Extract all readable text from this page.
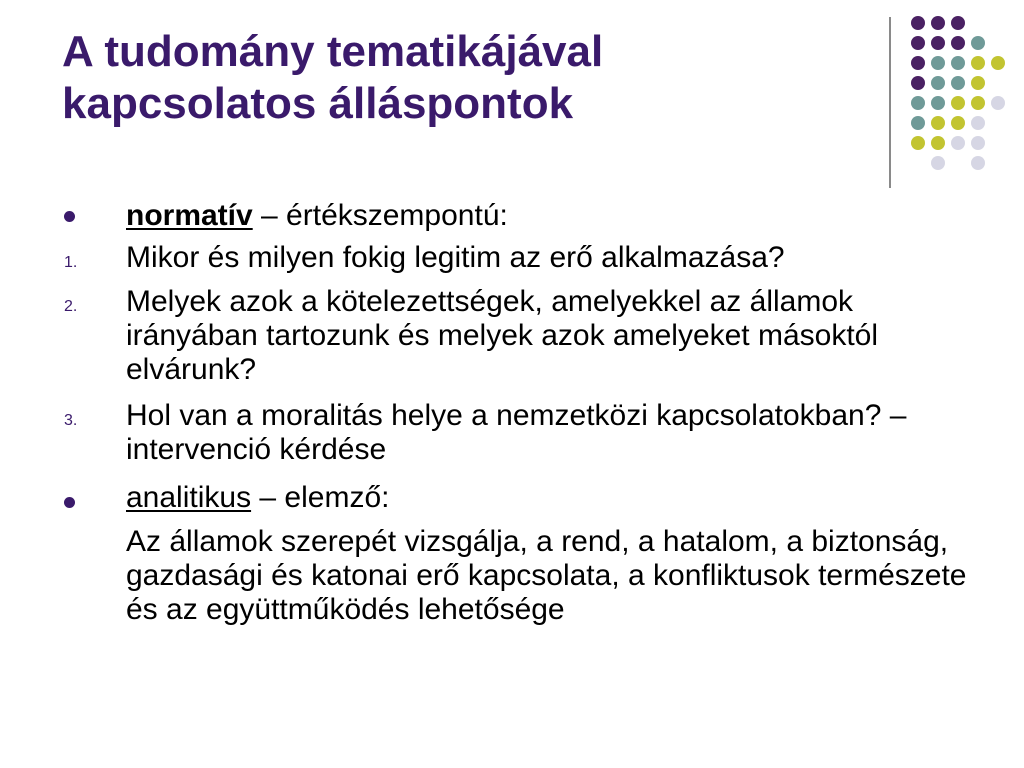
A tudomány tematikájával
kapcsolatos álláspontok

normatív – értékszempontú:

1. Mikor és milyen fokig legitim az erő alkalmazása?

2. Melyek azok a kötelezettségek, amelyekkel az államok irányában tartozunk és melyek azok amelyeket másoktól elvárunk?

3. Hol van a moralitás helye a nemzetközi kapcsolatokban? – intervenció kérdése

analitikus – elemző:

Az államok szerepét vizsgálja, a rend, a hatalom, a biztonság, gazdasági és katonai erő kapcsolata, a konfliktusok természete és az együttműködés lehetősége
